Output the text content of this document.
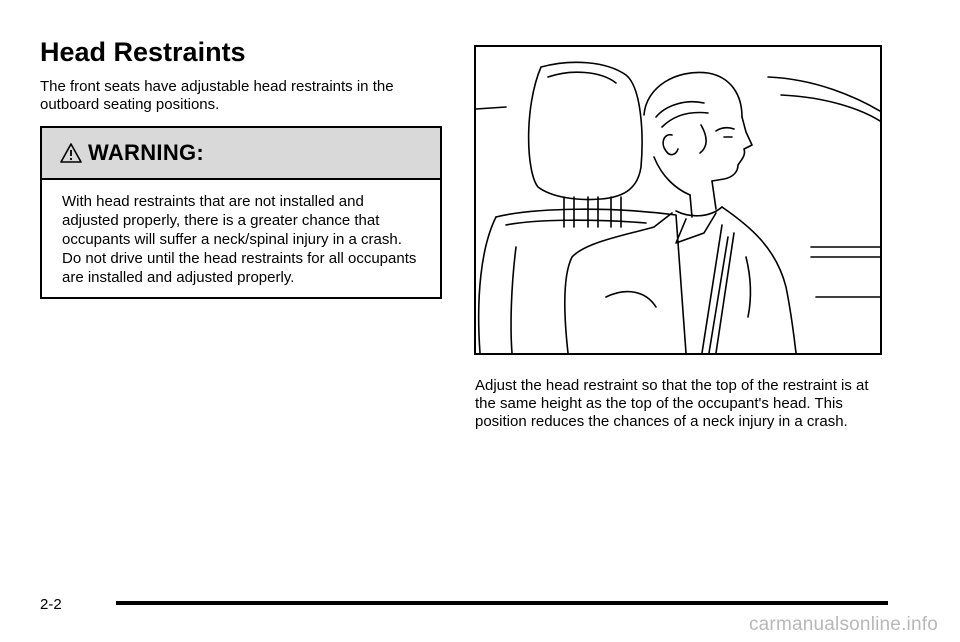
Head Restraints

The front seats have adjustable head restraints in the outboard seating positions.

WARNING:

With head restraints that are not installed and adjusted properly, there is a greater chance that occupants will suffer a neck/spinal injury in a crash. Do not drive until the head restraints for all occupants are installed and adjusted properly.

Adjust the head restraint so that the top of the restraint is at the same height as the top of the occupant's head. This position reduces the chances of a neck injury in a crash.

2-2
carmanualsonline.info
